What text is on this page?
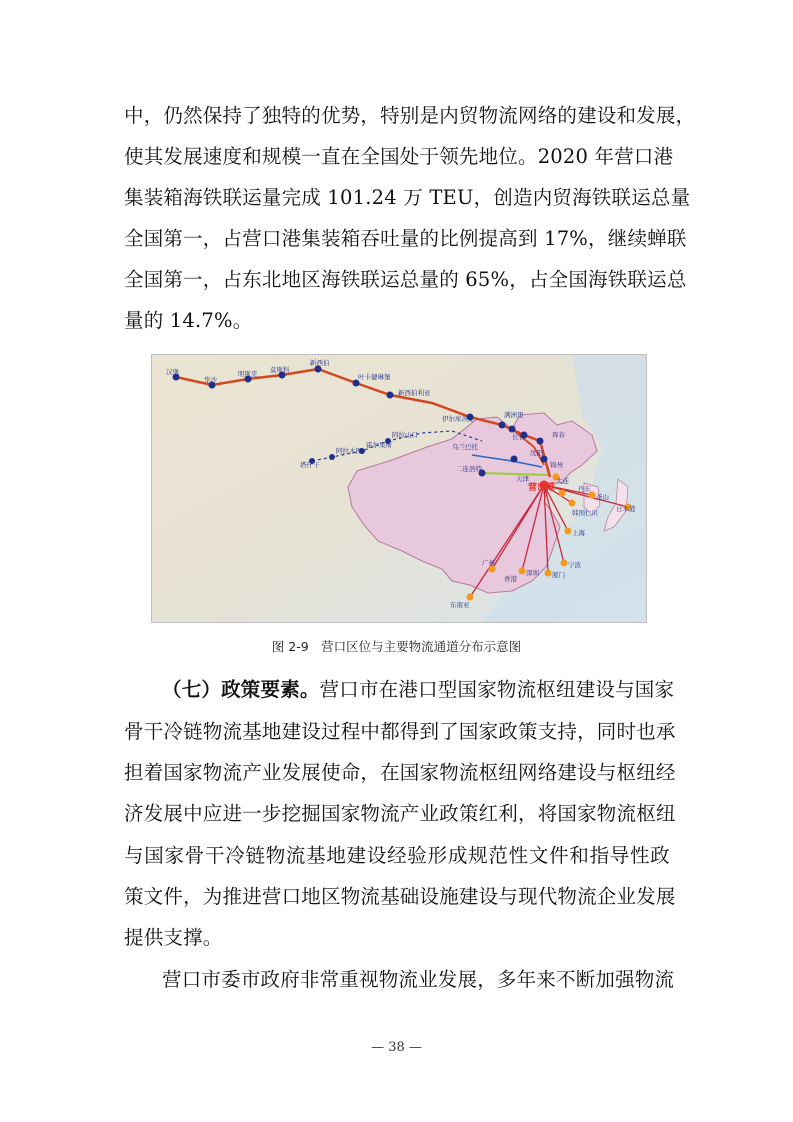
中，仍然保持了独特的优势，特别是内贸物流网络的建设和发展，
使其发展速度和规模一直在全国处于领先地位。2020 年营口港
集装箱海铁联运量完成 101.24 万 TEU，创造内贸海铁联运总量
全国第一，占营口港集装箱吞吐量的比例提高到 17%，继续蝉联
全国第一，占东北地区海铁联运总量的 65%，占全国海铁联运总
量的 14.7%。
汉堡
华沙
明斯克 莫斯科
新西伯
叶卡捷琳堡
新西伯利亚
伊尔库茨克	满洲里
乌兰巴托
二连浩特
珲春
长春
大连
天津
锦州
丹东
沈阳
釜山
日本港
上海
宁波
厦门
广州
深圳
香港
东南亚
阿拉木图
塔什干
霍尔果斯
阿拉山口
韩国仁川
营口港
图 2-9　营口区位与主要物流通道分布示意图
（七）政策要素。营口市在港口型国家物流枢纽建设与国家
骨干冷链物流基地建设过程中都得到了国家政策支持，同时也承
担着国家物流产业发展使命，在国家物流枢纽网络建设与枢纽经
济发展中应进一步挖掘国家物流产业政策红利，将国家物流枢纽
与国家骨干冷链物流基地建设经验形成规范性文件和指导性政
策文件，为推进营口地区物流基础设施建设与现代物流企业发展
提供支撑。
营口市委市政府非常重视物流业发展，多年来不断加强物流
— 38 —
